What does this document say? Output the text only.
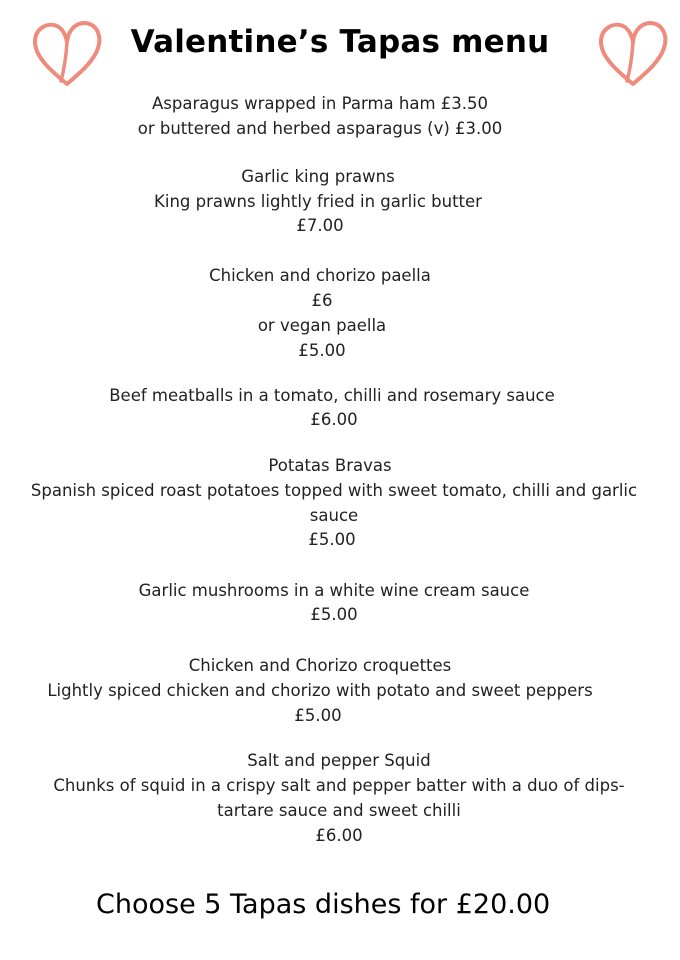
Valentine’s Tapas menu

Asparagus wrapped in Parma ham £3.50

or buttered and herbed asparagus (v) £3.00

Garlic king prawns

King prawns lightly fried in garlic butter

£7.00

Chicken and chorizo paella

£6

or vegan paella

£5.00

Beef meatballs in a tomato, chilli and rosemary sauce

£6.00

Potatas Bravas

Spanish spiced roast potatoes topped with sweet tomato, chilli and garlic sauce

£5.00

Garlic mushrooms in a white wine cream sauce

£5.00

Chicken and Chorizo croquettes

Lightly spiced chicken and chorizo with potato and sweet peppers

£5.00

Salt and pepper Squid

Chunks of squid in a crispy salt and pepper batter with a duo of dips-tartare sauce and sweet chilli

£6.00

Choose 5 Tapas dishes for £20.00
